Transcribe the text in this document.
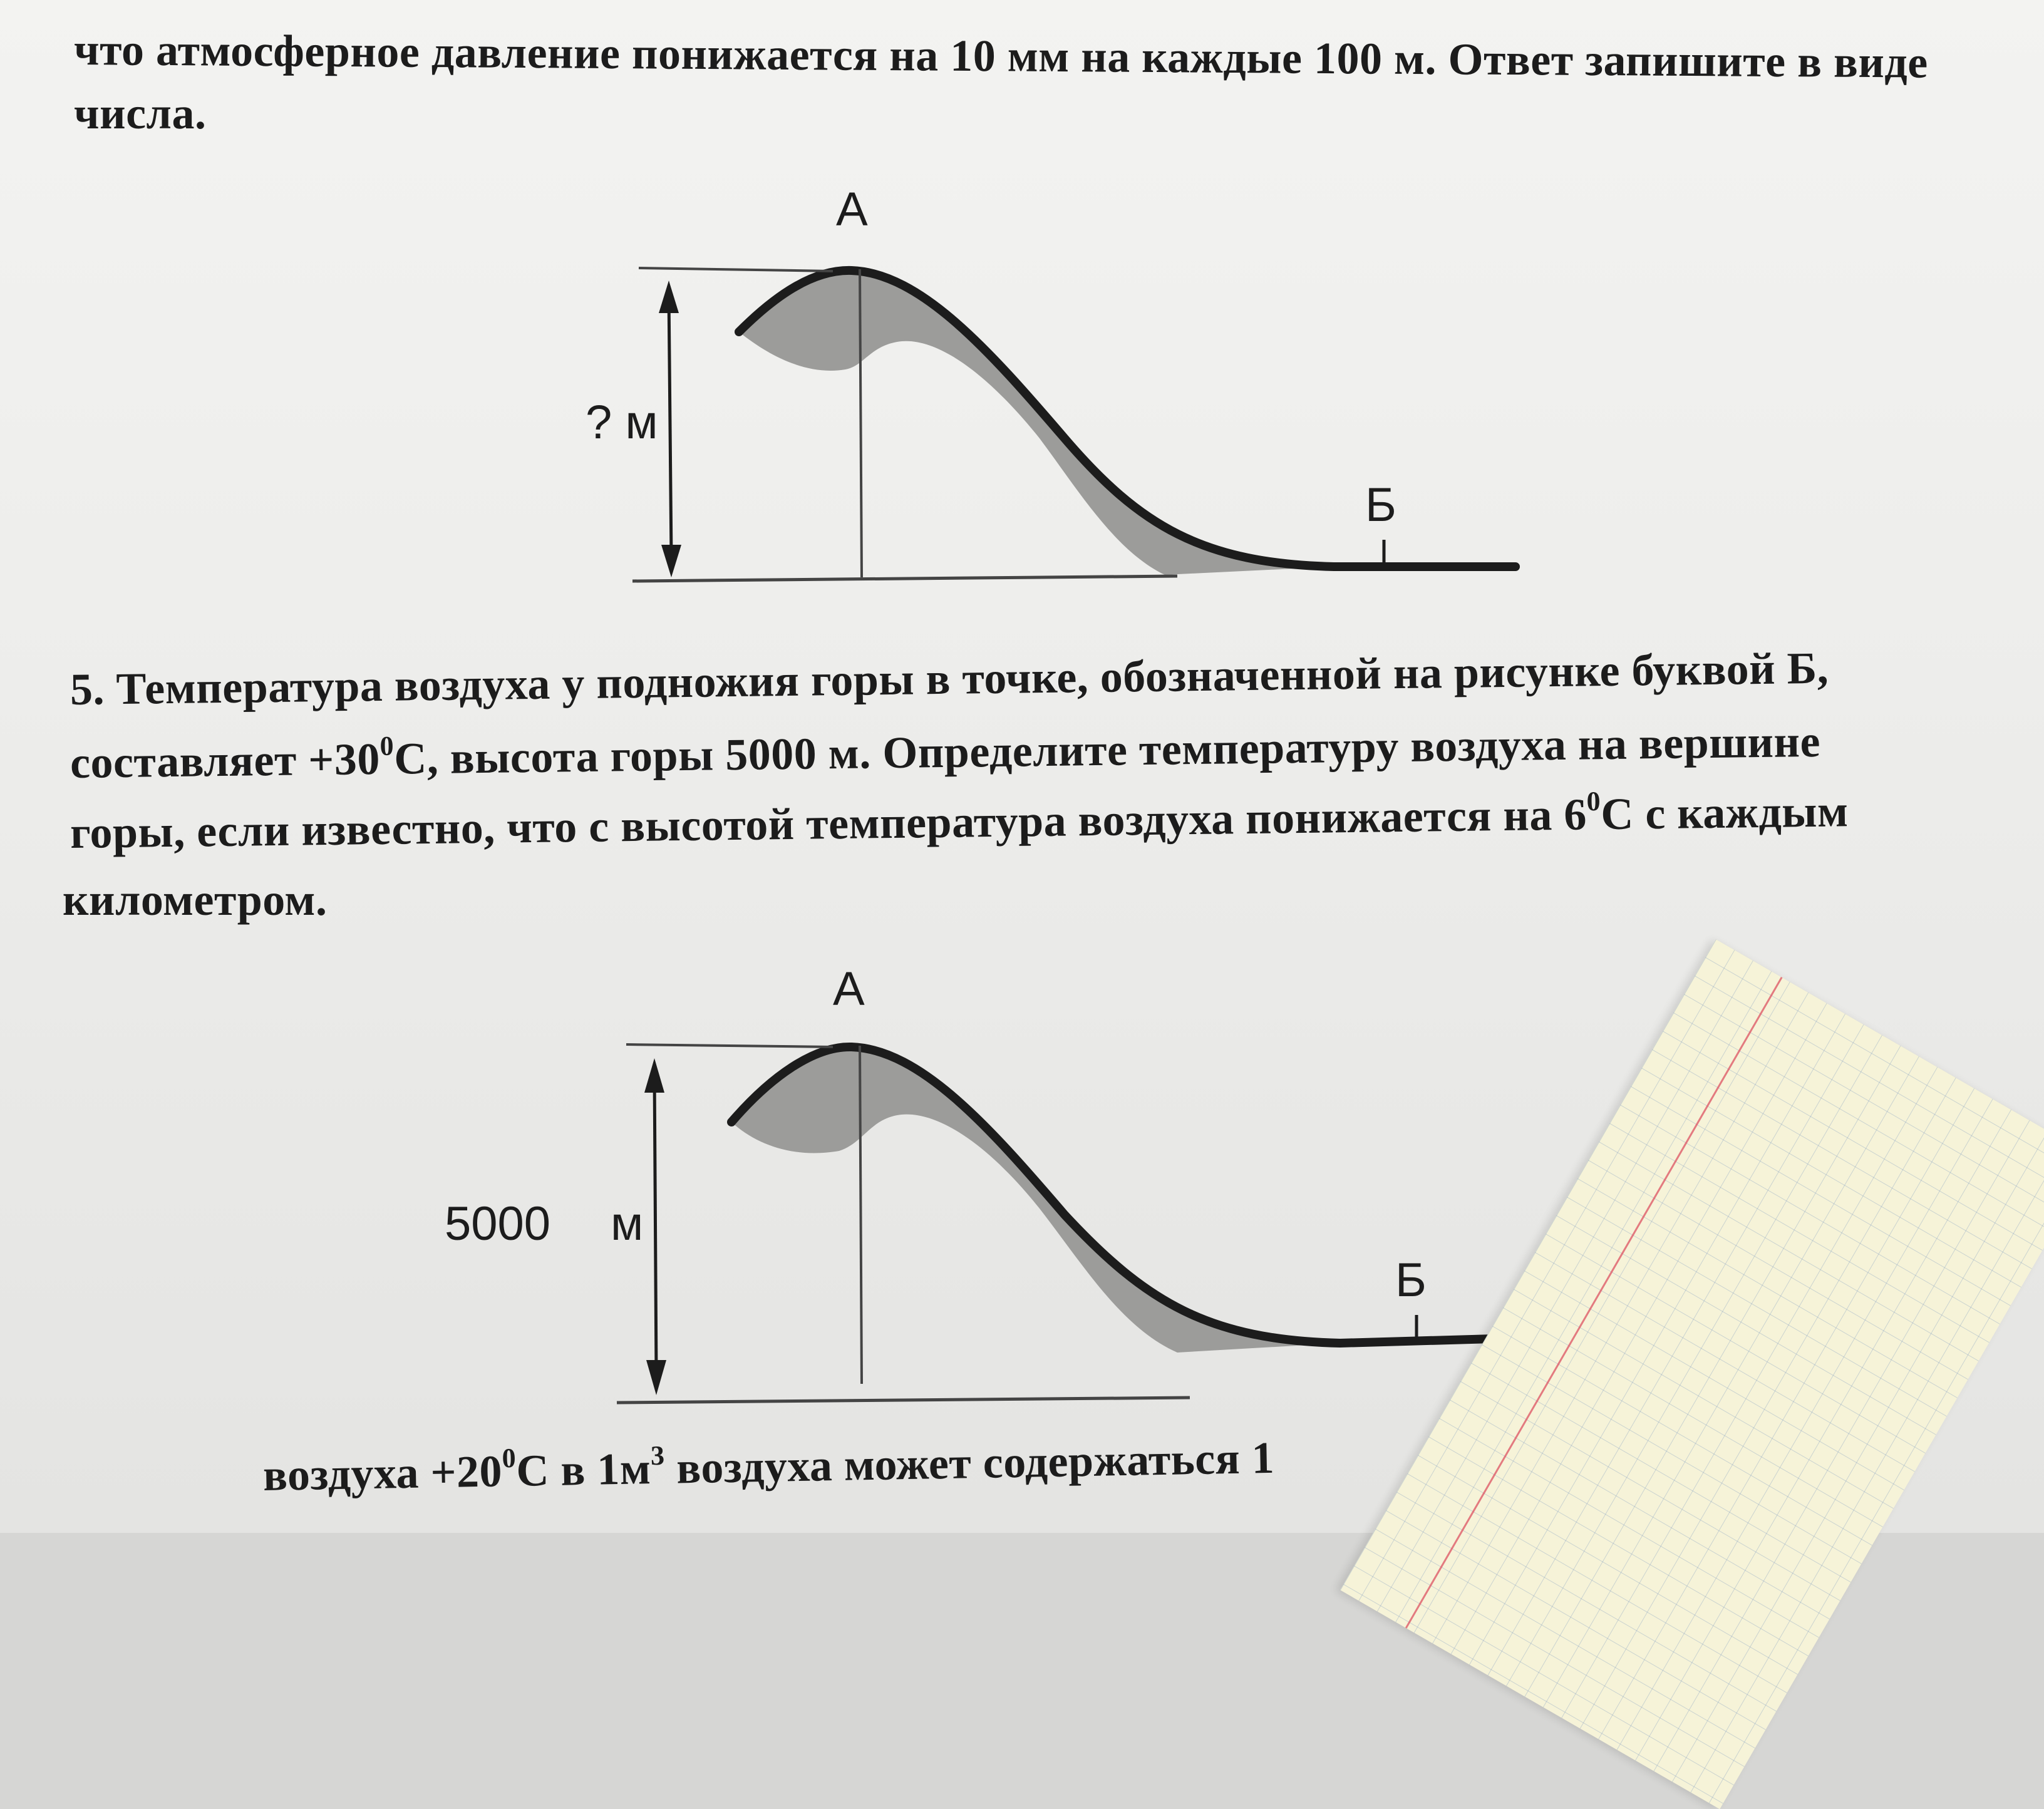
что атмосферное давление понижается на 10 мм на каждые 100 м. Ответ запишите в виде
числа.
А
Б
? м
5. Температура воздуха у подножия горы в точке, обозначенной на рисунке буквой Б,
составляет $+30^0С$, высота горы 5000 м. Определите температуру воздуха на вершине
горы, если известно, что с высотой температура воздуха понижается на $6^0С$ с каждым
километром.
А
Б
5000 м
воздуха $+20^0С$ в $1м^3$ воздуха может содержаться 1
